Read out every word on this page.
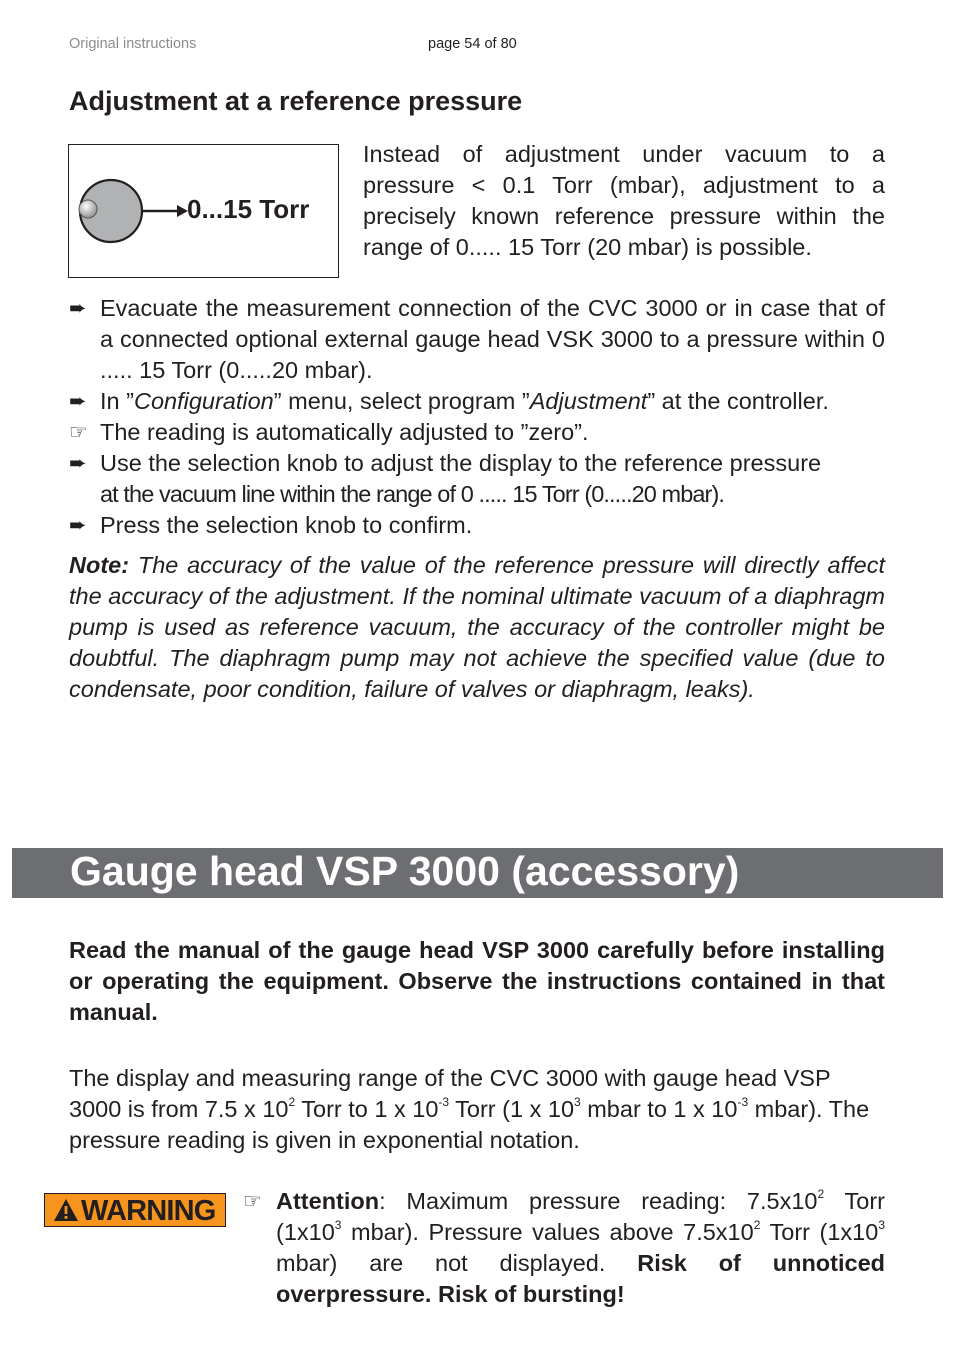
Original instructions	page 54 of 80
Adjustment at a reference pressure
0...15 Torr
Instead of adjustment under vacuum to a pressure < 0.1 Torr (mbar), adjustment to a precisely known reference pressure within the range of 0..... 15 Torr (20 mbar) is possible.
➨ Evacuate the measurement connection of the CVC 3000 or in case that of a connected optional external gauge head VSK 3000 to a pressure within 0 ..... 15 Torr (0.....20 mbar).
➨ In ”Configuration” menu, select program ”Adjustment” at the controller.
☞ The reading is automatically adjusted to ”zero”.
➨ Use the selection knob to adjust the display to the reference pressure
at the vacuum line within the range of 0 ..... 15 Torr (0.....20 mbar).
➨ Press the selection knob to confirm.
Note: The accuracy of the value of the reference pressure will directly affect the accuracy of the adjustment. If the nominal ultimate vacuum of a diaphragm pump is used as reference vacuum, the accuracy of the controller might be doubtful. The diaphragm pump may not achieve the specified value (due to condensate, poor condition, failure of valves or diaphragm, leaks).
Gauge head VSP 3000 (accessory)
Read the manual of the gauge head VSP 3000 carefully before installing or operating the equipment. Observe the instructions contained in that manual.
The display and measuring range of the CVC 3000 with gauge head VSP 3000 is from 7.5 x $10^2$ Torr to 1 x $10^{-3}$ Torr (1 x $10^3$ mbar to 1 x $10^{-3}$ mbar). The pressure reading is given in exponential notation.
WARNING ☞ Attention: Maximum pressure reading: $7.5x10^2$ Torr ($1x10^3$ mbar). Pressure values above $7.5x10^2$ Torr ($1x10^3$ mbar) are not displayed. Risk of unnoticed overpressure. Risk of bursting!
